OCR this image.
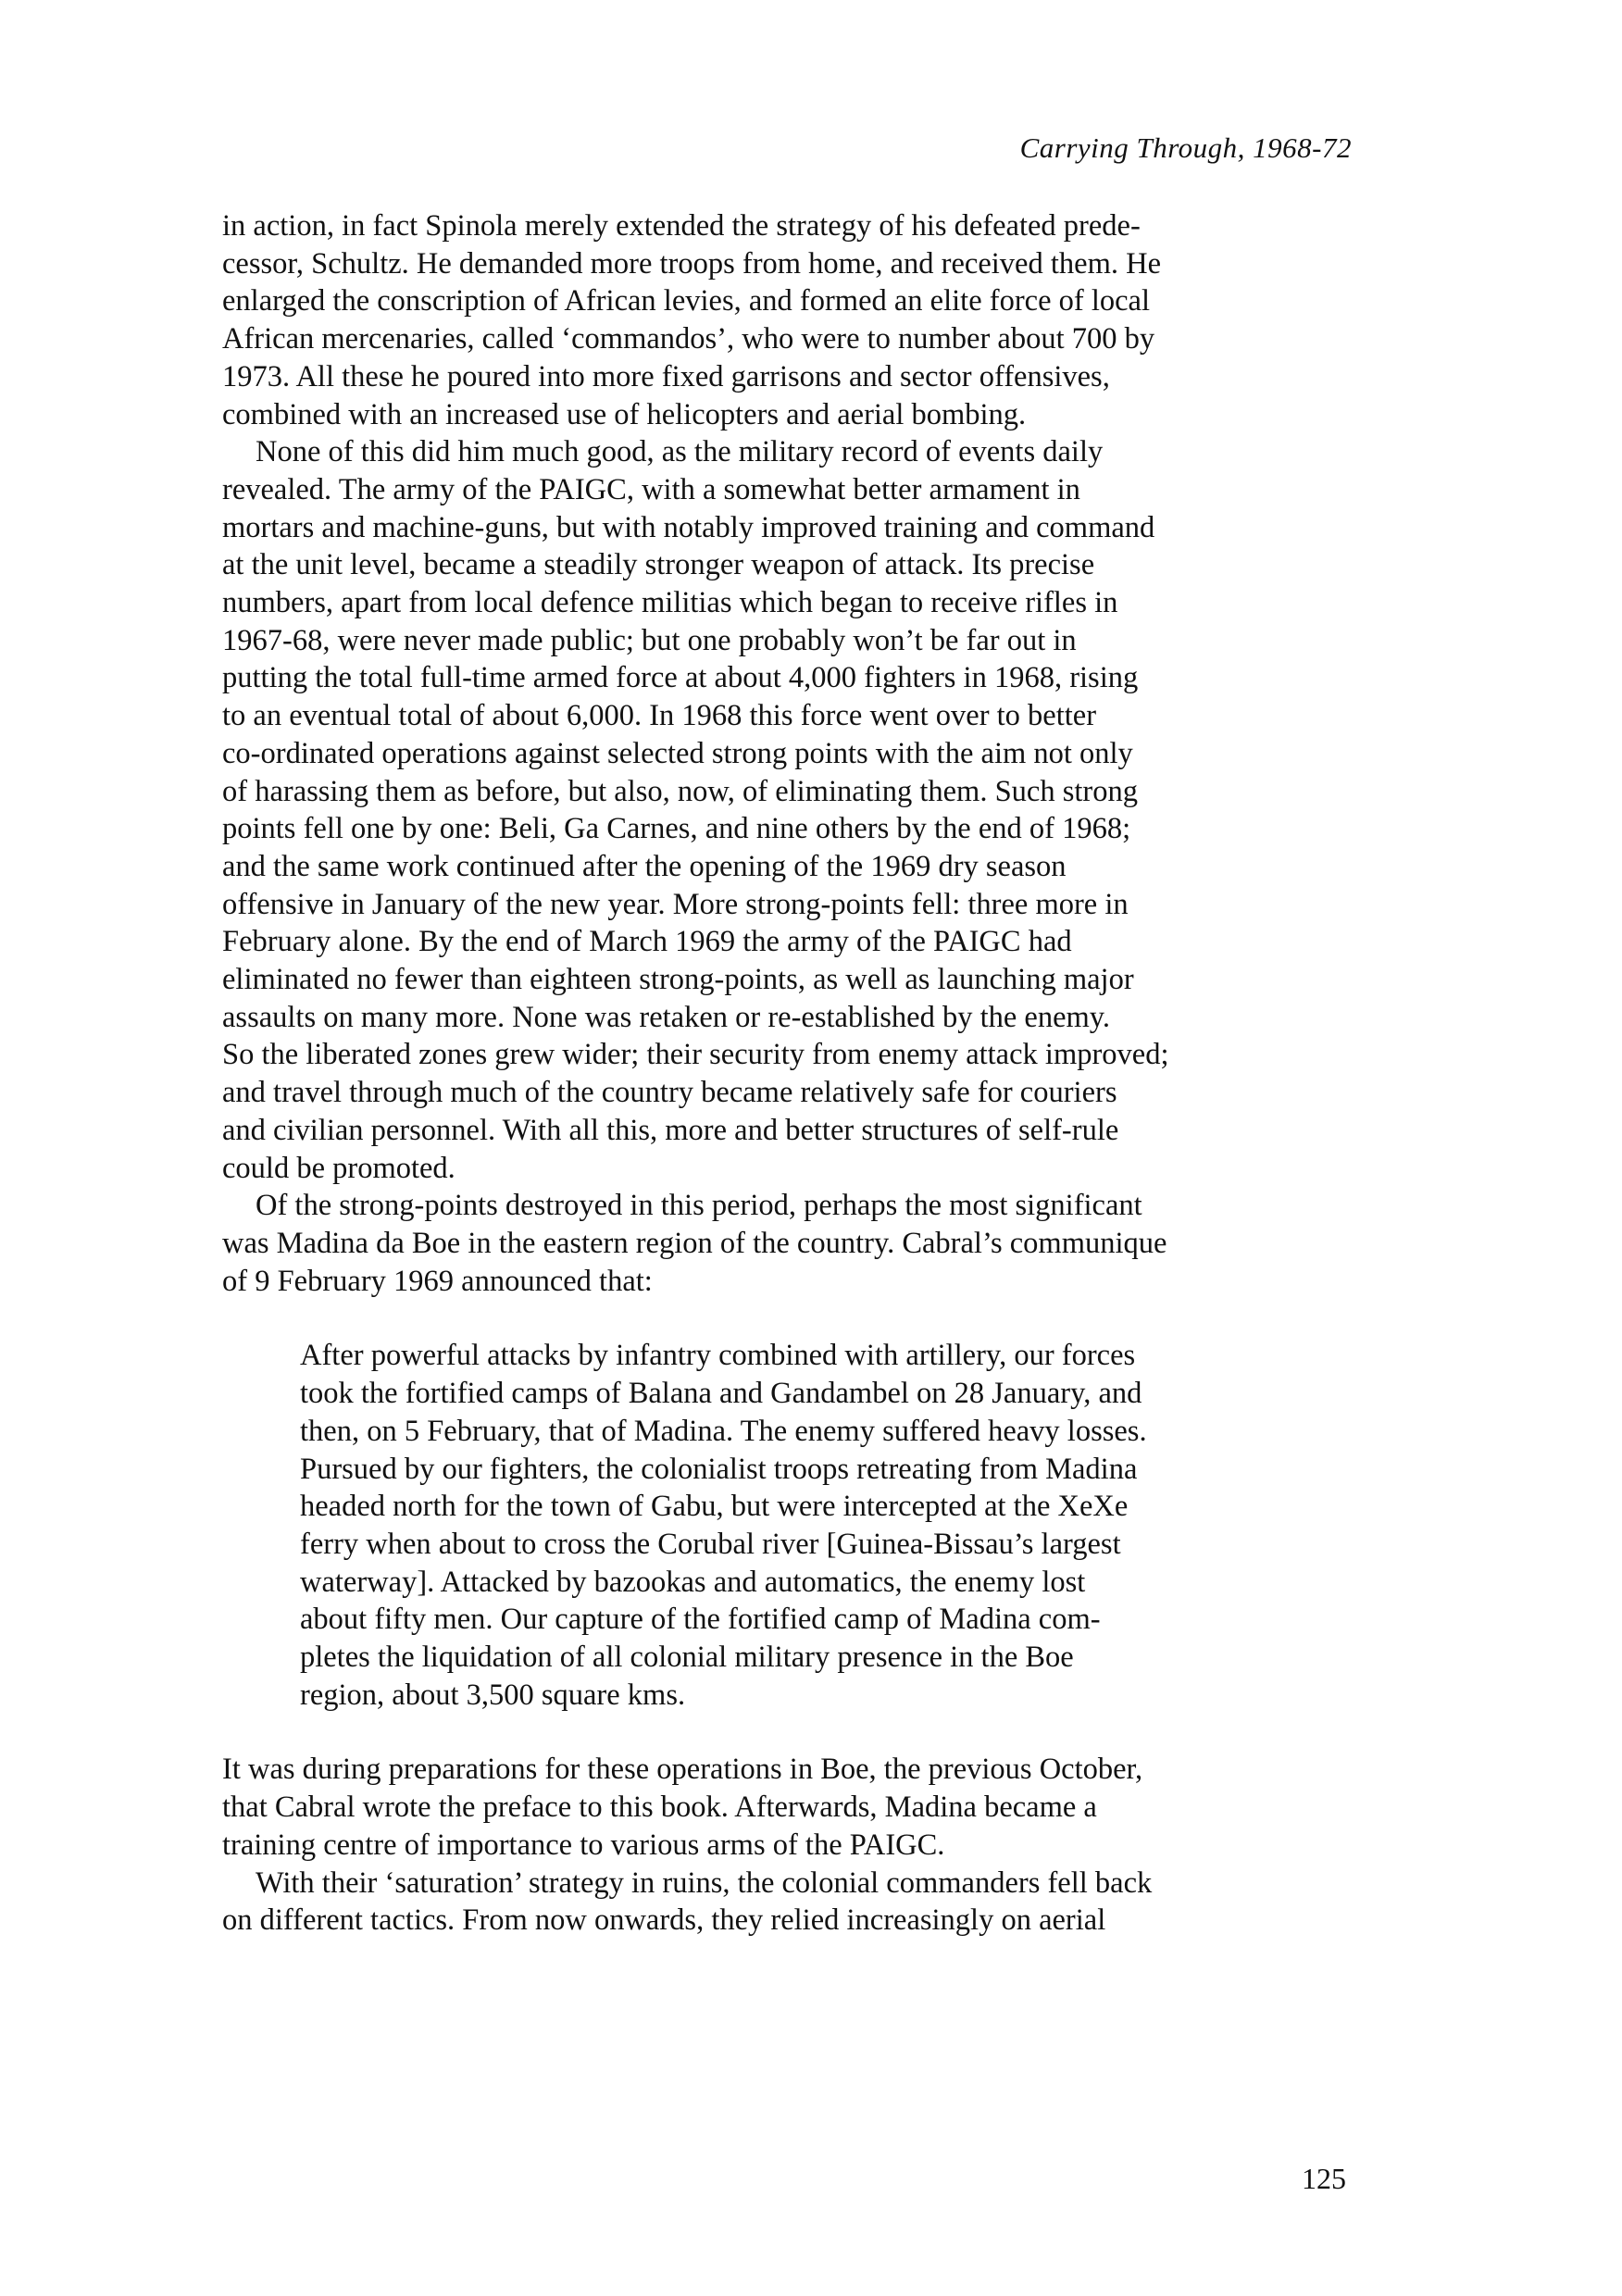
Carrying Through, 1968-72

in action, in fact Spinola merely extended the strategy of his defeated prede-
cessor, Schultz. He demanded more troops from home, and received them. He
enlarged the conscription of African levies, and formed an elite force of local
African mercenaries, called ‘commandos’, who were to number about 700 by
1973. All these he poured into more fixed garrisons and sector offensives,
combined with an increased use of helicopters and aerial bombing.

None of this did him much good, as the military record of events daily
revealed. The army of the PAIGC, with a somewhat better armament in
mortars and machine-guns, but with notably improved training and command
at the unit level, became a steadily stronger weapon of attack. Its precise
numbers, apart from local defence militias which began to receive rifles in
1967-68, were never made public; but one probably won’t be far out in
putting the total full-time armed force at about 4,000 fighters in 1968, rising
to an eventual total of about 6,000. In 1968 this force went over to better
co-ordinated operations against selected strong points with the aim not only
of harassing them as before, but also, now, of eliminating them. Such strong
points fell one by one: Beli, Ga Carnes, and nine others by the end of 1968;
and the same work continued after the opening of the 1969 dry season
offensive in January of the new year. More strong-points fell: three more in
February alone. By the end of March 1969 the army of the PAIGC had
eliminated no fewer than eighteen strong-points, as well as launching major
assaults on many more. None was retaken or re-established by the enemy.
So the liberated zones grew wider; their security from enemy attack improved;
and travel through much of the country became relatively safe for couriers
and civilian personnel. With all this, more and better structures of self-rule
could be promoted.

Of the strong-points destroyed in this period, perhaps the most significant
was Madina da Boe in the eastern region of the country. Cabral’s communique
of 9 February 1969 announced that:

After powerful attacks by infantry combined with artillery, our forces
took the fortified camps of Balana and Gandambel on 28 January, and
then, on 5 February, that of Madina. The enemy suffered heavy losses.
Pursued by our fighters, the colonialist troops retreating from Madina
headed north for the town of Gabu, but were intercepted at the XeXe
ferry when about to cross the Corubal river [Guinea-Bissau’s largest
waterway]. Attacked by bazookas and automatics, the enemy lost
about fifty men. Our capture of the fortified camp of Madina com-
pletes the liquidation of all colonial military presence in the Boe
region, about 3,500 square kms.

It was during preparations for these operations in Boe, the previous October,
that Cabral wrote the preface to this book. Afterwards, Madina became a
training centre of importance to various arms of the PAIGC.

With their ‘saturation’ strategy in ruins, the colonial commanders fell back
on different tactics. From now onwards, they relied increasingly on aerial

125
